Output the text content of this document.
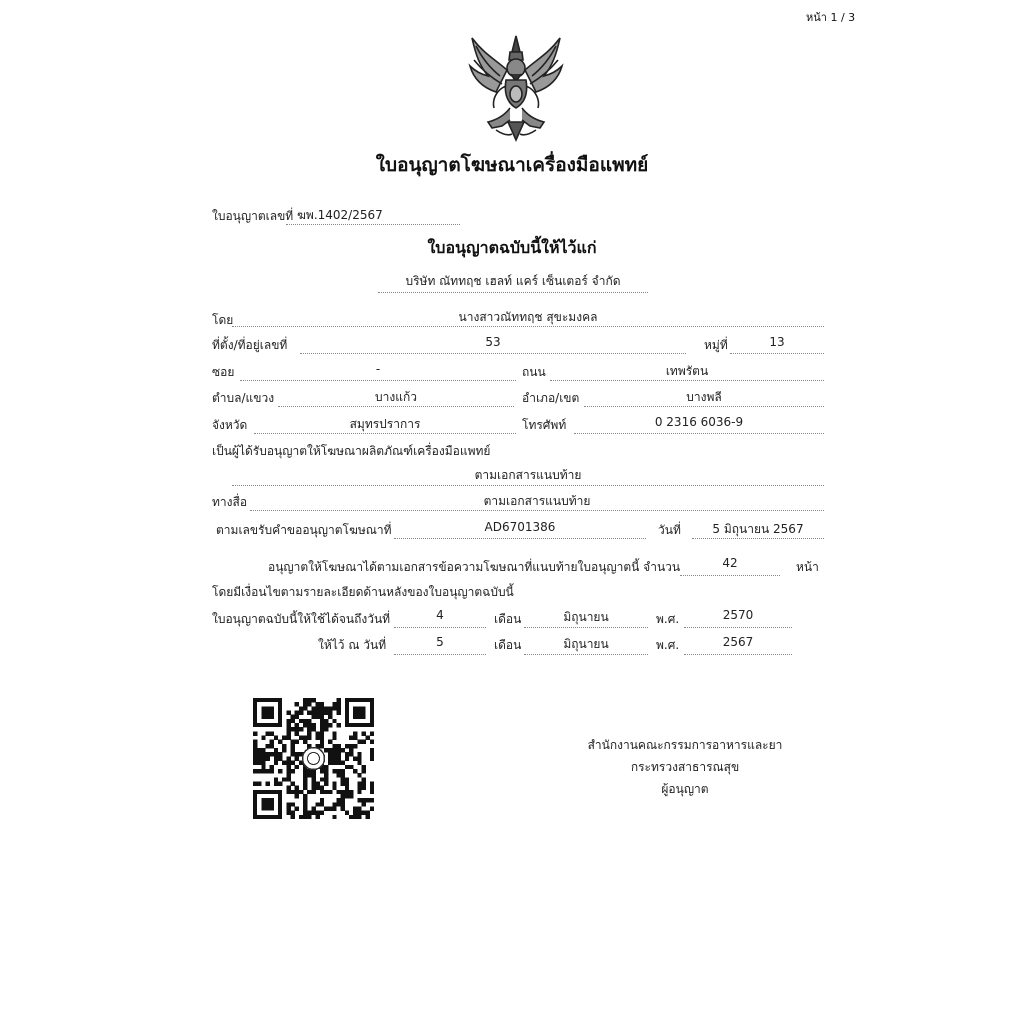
หน้า 1 / 3
ใบอนุญาตโฆษณาเครื่องมือแพทย์
ใบอนุญาตเลขที่ ฆพ.1402/2567
ใบอนุญาตฉบับนี้ให้ไว้แก่
บริษัท ณัททฤช เฮลท์ แคร์ เซ็นเตอร์ จำกัด
โดย	นางสาวณัททฤช สุขะมงคล
ที่ตั้ง/ที่อยู่เลขที่	53	หมู่ที่	13
ซอย	-	ถนน	เทพรัตน
ตำบล/แขวง	บางแก้ว	อำเภอ/เขต	บางพลี
จังหวัด	สมุทรปราการ	โทรศัพท์	0 2316 6036-9
เป็นผู้ได้รับอนุญาตให้โฆษณาผลิตภัณฑ์เครื่องมือแพทย์
ตามเอกสารแนบท้าย
ทางสื่อ	ตามเอกสารแนบท้าย
ตามเลขรับคำขออนุญาตโฆษณาที่	AD6701386	วันที่	5 มิถุนายน 2567
อนุญาตให้โฆษณาได้ตามเอกสารข้อความโฆษณาที่แนบท้ายใบอนุญาตนี้ จำนวน	42	หน้า
โดยมีเงื่อนไขตามรายละเอียดด้านหลังของใบอนุญาตฉบับนี้
ใบอนุญาตฉบับนี้ให้ใช้ได้จนถึงวันที่	4	เดือน	มิถุนายน	พ.ศ.	2570
ให้ไว้ ณ วันที่	5	เดือน	มิถุนายน	พ.ศ.	2567
สำนักงานคณะกรรมการอาหารและยา
กระทรวงสาธารณสุข
ผู้อนุญาต
